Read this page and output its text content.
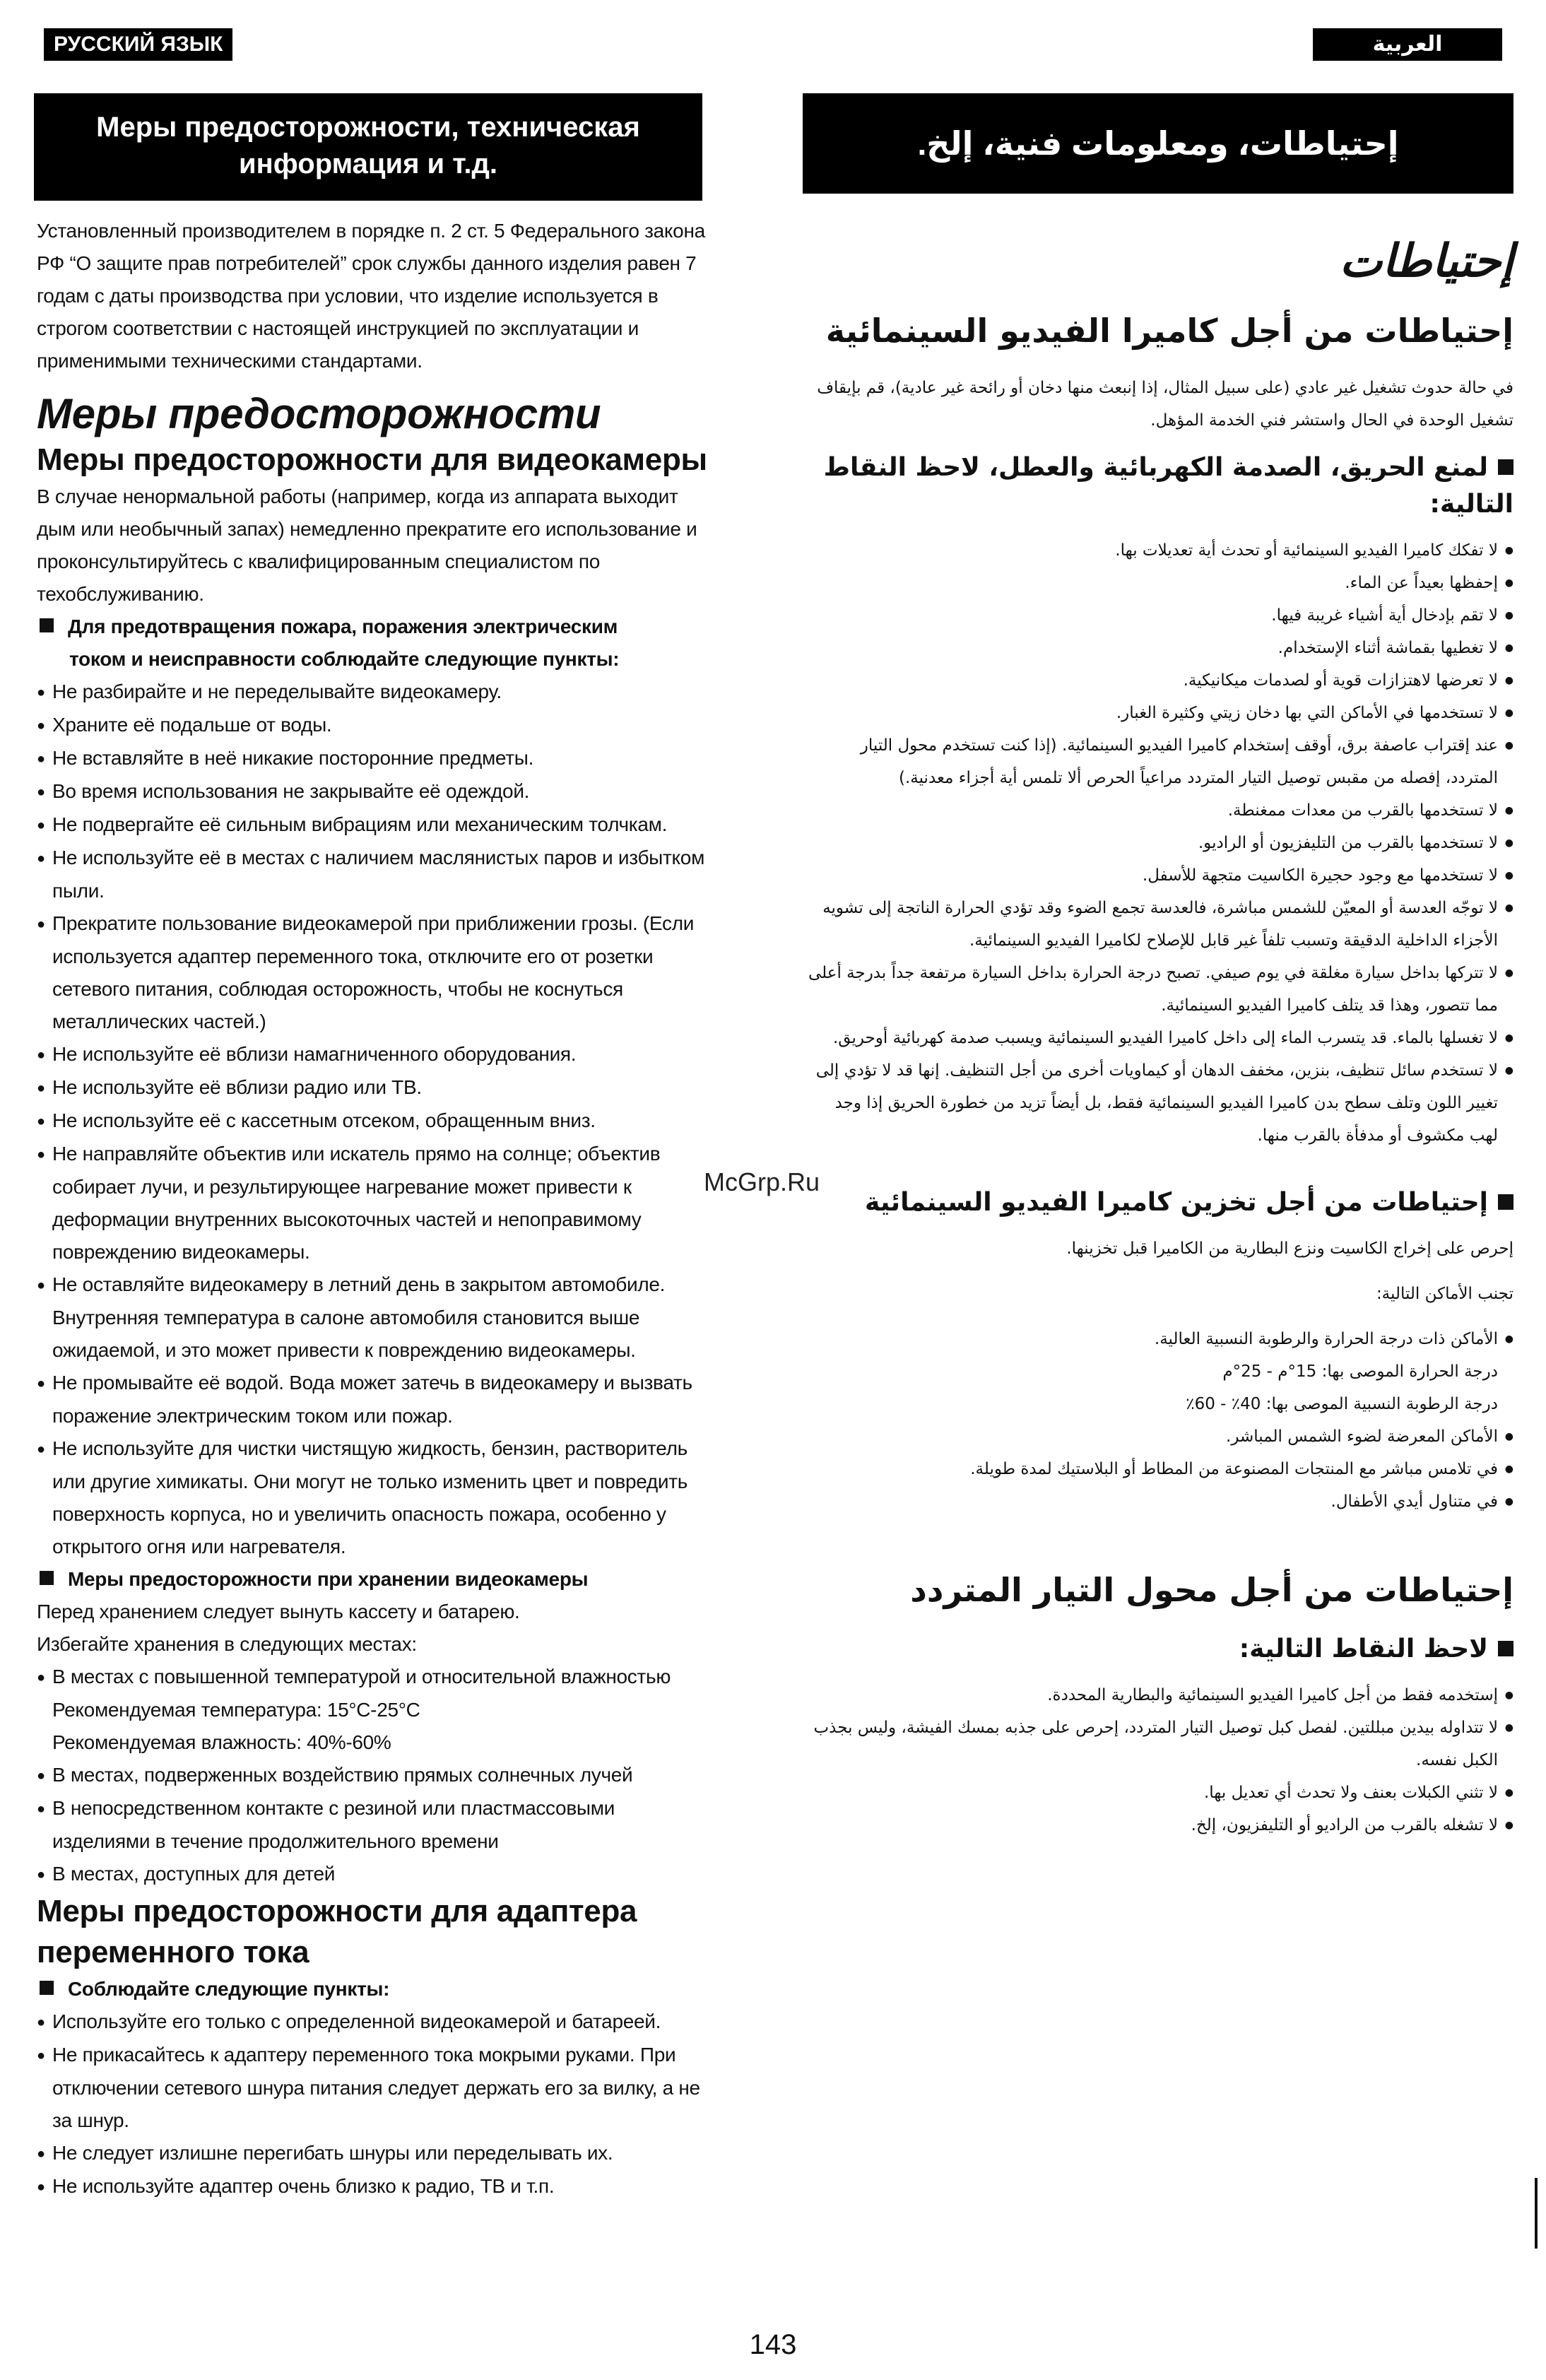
РУССКИЙ ЯЗЫК	العربية
Меры предосторожности, техническая информация и т.д.
إحتياطات، ومعلومات فنية، إلخ.

Установленный производителем в порядке п. 2 ст. 5 Федерального закона РФ “О защите прав потребителей” срок службы данного изделия равен 7 годам с даты производства при условии, что изделие используется в строгом соответствии с настоящей инструкцией по эксплуатации и применимыми техническими стандартами.

Меры предосторожности
Меры предосторожности для видеокамеры

В случае ненормальной работы (например, когда из аппарата выходит дым или необычный запах) немедленно прекратите его использование и проконсультируйтесь с квалифицированным специалистом по техобслуживанию.

Для предотвращения пожара, поражения электрическим
током и неисправности соблюдайте следующие пункты:

● Не разбирайте и не переделывайте видеокамеру.

● Храните её подальше от воды.

● Не вставляйте в неё никакие посторонние предметы.

● Во время использования не закрывайте её одеждой.

● Не подвергайте её сильным вибрациям или механическим толчкам.

● Не используйте её в местах с наличием маслянистых паров и избытком пыли.

● Прекратите пользование видеокамерой при приближении грозы. (Если используется адаптер переменного тока, отключите его от розетки сетевого питания, соблюдая осторожность, чтобы не коснуться металлических частей.)

● Не используйте её вблизи намагниченного оборудования.

● Не используйте её вблизи радио или ТВ.

● Не используйте её с кассетным отсеком, обращенным вниз.

● Не направляйте объектив или искатель прямо на солнце; объектив собирает лучи, и результирующее нагревание может привести к деформации внутренних высокоточных частей и непоправимому повреждению видеокамеры.

● Не оставляйте видеокамеру в летний день в закрытом автомобиле. Внутренняя температура в салоне автомобиля становится выше ожидаемой, и это может привести к повреждению видеокамеры.

● Не промывайте её водой. Вода может затечь в видеокамеру и вызвать поражение электрическим током или пожар.

● Не используйте для чистки чистящую жидкость, бензин, растворитель или другие химикаты. Они могут не только изменить цвет и повредить поверхность корпуса, но и увеличить опасность пожара, особенно у открытого огня или нагревателя.

Меры предосторожности при хранении видеокамеры

Перед хранением следует вынуть кассету и батарею.

Избегайте хранения в следующих местах:

● В местах с повышенной температурой и относительной влажностью

Рекомендуемая температура: 15°C-25°C

Рекомендуемая влажность: 40%-60%

● В местах, подверженных воздействию прямых солнечных лучей

● В непосредственном контакте с резиной или пластмассовыми изделиями в течение продолжительного времени

● В местах, доступных для детей

Меры предосторожности для адаптера переменного тока
Соблюдайте следующие пункты:

● Используйте его только с определенной видеокамерой и батареей.

● Не прикасайтесь к адаптеру переменного тока мокрыми руками. При отключении сетевого шнура питания следует держать его за вилку, а не за шнур.

● Не следует излишне перегибать шнуры или переделывать их.

● Не используйте адаптер очень близко к радио, ТВ и т.п.

إحتياطات
إحتياطات من أجل كاميرا الفيديو السينمائية

في حالة حدوث تشغيل غير عادي (على سبيل المثال، إذا إنبعث منها دخان أو رائحة غير عادية)، قم بإيقاف تشغيل الوحدة في الحال واستشر فني الخدمة المؤهل.

لمنع الحريق، الصدمة الكهربائية والعطل، لاحظ النقاط التالية:

● لا تفكك كاميرا الفيديو السينمائية أو تحدث أية تعديلات بها.

● إحفظها بعيداً عن الماء.

● لا تقم بإدخال أية أشياء غريبة فيها.

● لا تغطيها بقماشة أثناء الإستخدام.

● لا تعرضها لاهتزازات قوية أو لصدمات ميكانيكية.

● لا تستخدمها في الأماكن التي بها دخان زيتي وكثيرة الغبار.

● عند إقتراب عاصفة برق، أوقف إستخدام كاميرا الفيديو السينمائية. (إذا كنت تستخدم محول التيار المتردد، إفصله من مقبس توصيل التيار المتردد مراعياً الحرص ألا تلمس أية أجزاء معدنية.)

● لا تستخدمها بالقرب من معدات ممغنطة.

● لا تستخدمها بالقرب من التليفزيون أو الراديو.

● لا تستخدمها مع وجود حجيرة الكاسيت متجهة للأسفل.

● لا توجّه العدسة أو المعيّن للشمس مباشرة، فالعدسة تجمع الضوء وقد تؤدي الحرارة الناتجة إلى تشويه الأجزاء الداخلية الدقيقة وتسبب تلفاً غير قابل للإصلاح لكاميرا الفيديو السينمائية.

● لا تتركها بداخل سيارة مغلقة في يوم صيفي. تصبح درجة الحرارة بداخل السيارة مرتفعة جداً بدرجة أعلى مما تتصور، وهذا قد يتلف كاميرا الفيديو السينمائية.

● لا تغسلها بالماء. قد يتسرب الماء إلى داخل كاميرا الفيديو السينمائية ويسبب صدمة كهربائية أوحريق.

● لا تستخدم سائل تنظيف، بنزين، مخفف الدهان أو كيماويات أخرى من أجل التنظيف. إنها قد لا تؤدي إلى تغيير اللون وتلف سطح بدن كاميرا الفيديو السينمائية فقط، بل أيضاً تزيد من خطورة الحريق إذا وجد لهب مكشوف أو مدفأة بالقرب منها.

إحتياطات من أجل تخزين كاميرا الفيديو السينمائية

إحرص على إخراج الكاسيت ونزع البطارية من الكاميرا قبل تخزينها.

تجنب الأماكن التالية:

● الأماكن ذات درجة الحرارة والرطوبة النسبية العالية.

درجة الحرارة الموصى بها: 15°م - 25°م

درجة الرطوبة النسبية الموصى بها: 40٪ - 60٪

● الأماكن المعرضة لضوء الشمس المباشر.

● في تلامس مباشر مع المنتجات المصنوعة من المطاط أو البلاستيك لمدة طويلة.

● في متناول أيدي الأطفال.

إحتياطات من أجل محول التيار المتردد
لاحظ النقاط التالية:

● إستخدمه فقط من أجل كاميرا الفيديو السينمائية والبطارية المحددة.

● لا تتداوله بيدين مبللتين. لفصل كبل توصيل التيار المتردد، إحرص على جذبه بمسك الفيشة، وليس بجذب الكبل نفسه.

● لا تثني الكبلات بعنف ولا تحدث أي تعديل بها.

● لا تشغله بالقرب من الراديو أو التليفزيون، إلخ.

McGrp.Ru
143
